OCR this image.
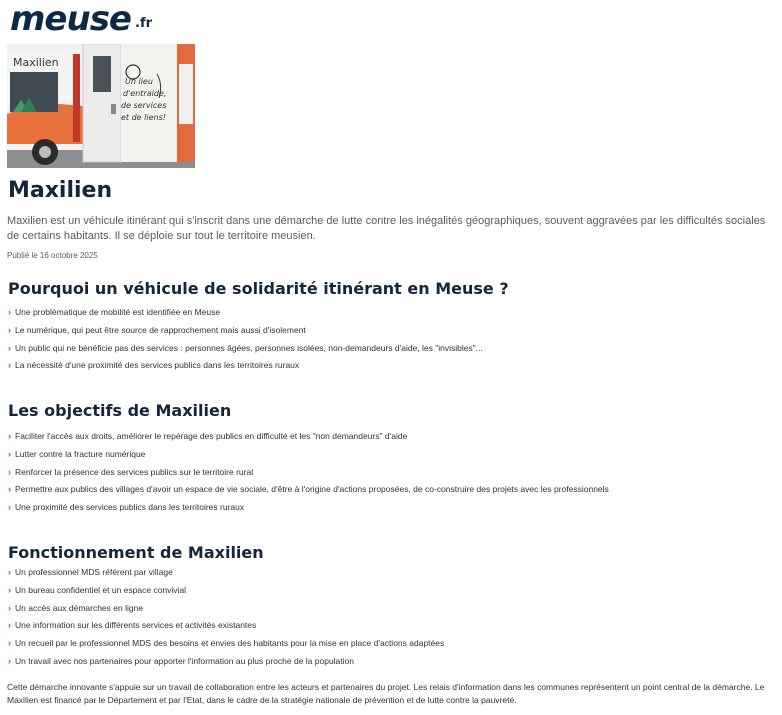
meuse .fr
Maxilien
Un lieu d'entraide, de services et de liens!
Maxilien

Maxilien est un véhicule itinérant qui s'inscrit dans une démarche de lutte contre les inégalités géographiques, souvent aggravées par les difficultés sociales de certains habitants. Il se déploie sur tout le territoire meusien.

Publié le 16 octobre 2025

Pourquoi un véhicule de solidarité itinérant en Meuse ?
› Une problématique de mobilité est identifiée en Meuse
› Le numérique, qui peut être source de rapprochement mais aussi d'isolement
› Un public qui ne bénéficie pas des services : personnes âgées, personnes isolées, non-demandeurs d'aide, les "invisibles"...
› La nécessité d'une proximité des services publics dans les territoires ruraux
Les objectifs de Maxilien
› Faciliter l'accès aux droits, améliorer le repérage des publics en difficulté et les "non demandeurs" d'aide
› Lutter contre la fracture numérique
› Renforcer la présence des services publics sur le territoire rural
› Permettre aux publics des villages d'avoir un espace de vie sociale, d'être à l'origine d'actions proposées, de co-construire des projets avec les professionnels
› Une proximité des services publics dans les territoires ruraux
Fonctionnement de Maxilien
› Un professionnel MDS référent par village
› Un bureau confidentiel et un espace convivial
› Un accès aux démarches en ligne
› Une information sur les différents services et activités existantes
› Un recueil par le professionnel MDS des besoins et envies des habitants pour la mise en place d'actions adaptées
› Un travail avec nos partenaires pour apporter l'information au plus proche de la population

Cette démarche innovante s'appuie sur un travail de collaboration entre les acteurs et partenaires du projet. Les relais d'information dans les communes représentent un point central de la démarche. Le Maxilien est financé par le Département et par l'Etat, dans le cadre de la stratégie nationale de prévention et de lutte contre la pauvreté.
